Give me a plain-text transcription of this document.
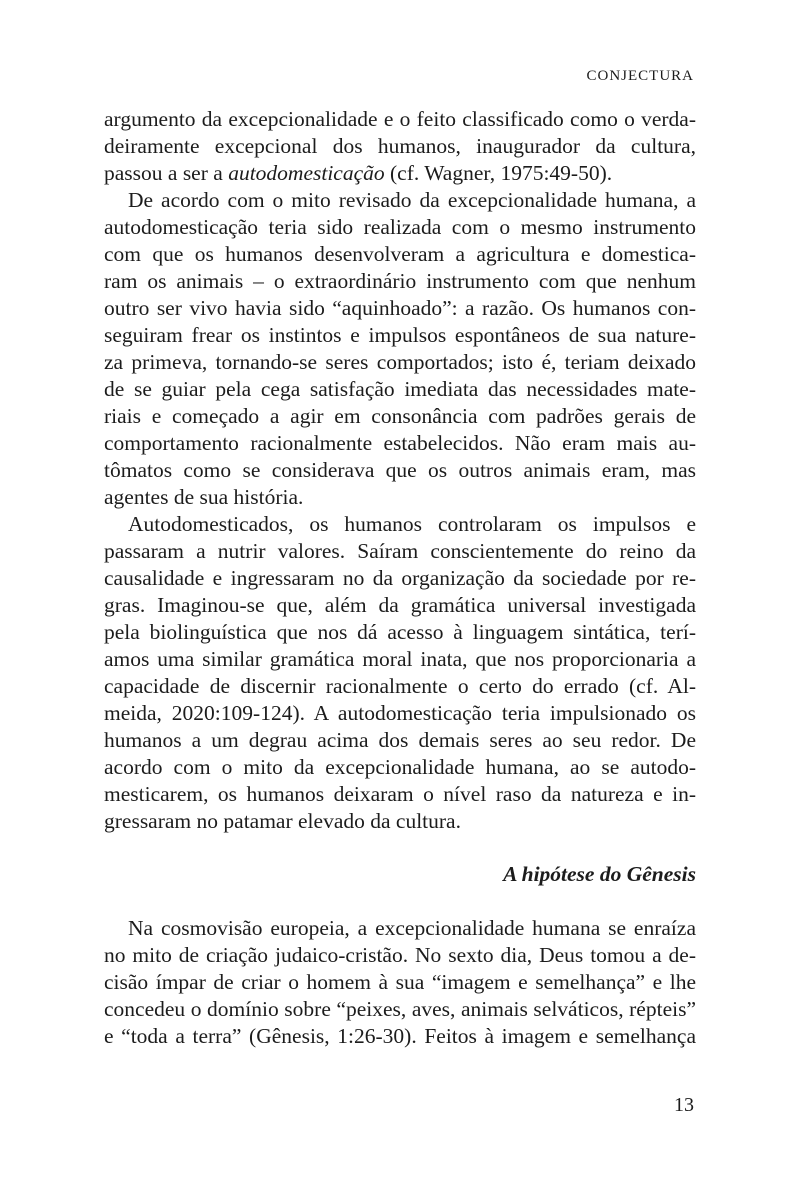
CONJECTURA
argumento da excepcionalidade e o feito classificado como o verda-
deiramente excepcional dos humanos, inaugurador da cultura,
passou a ser a autodomesticação (cf. Wagner, 1975:49-50).
De acordo com o mito revisado da excepcionalidade humana, a
autodomesticação teria sido realizada com o mesmo instrumento
com que os humanos desenvolveram a agricultura e domestica-
ram os animais – o extraordinário instrumento com que nenhum
outro ser vivo havia sido “aquinhoado”: a razão. Os humanos con-
seguiram frear os instintos e impulsos espontâneos de sua nature-
za primeva, tornando-se seres comportados; isto é, teriam deixado
de se guiar pela cega satisfação imediata das necessidades mate-
riais e começado a agir em consonância com padrões gerais de
comportamento racionalmente estabelecidos. Não eram mais au-
tômatos como se considerava que os outros animais eram, mas
agentes de sua história.
Autodomesticados, os humanos controlaram os impulsos e
passaram a nutrir valores. Saíram conscientemente do reino da
causalidade e ingressaram no da organização da sociedade por re-
gras. Imaginou-se que, além da gramática universal investigada
pela biolinguística que nos dá acesso à linguagem sintática, terí-
amos uma similar gramática moral inata, que nos proporcionaria a
capacidade de discernir racionalmente o certo do errado (cf. Al-
meida, 2020:109-124). A autodomesticação teria impulsionado os
humanos a um degrau acima dos demais seres ao seu redor. De
acordo com o mito da excepcionalidade humana, ao se autodo-
mesticarem, os humanos deixaram o nível raso da natureza e in-
gressaram no patamar elevado da cultura.
A hipótese do Gênesis
Na cosmovisão europeia, a excepcionalidade humana se enraíza
no mito de criação judaico-cristão. No sexto dia, Deus tomou a de-
cisão ímpar de criar o homem à sua “imagem e semelhança” e lhe
concedeu o domínio sobre “peixes, aves, animais selváticos, répteis”
e “toda a terra” (Gênesis, 1:26-30). Feitos à imagem e semelhança
13
